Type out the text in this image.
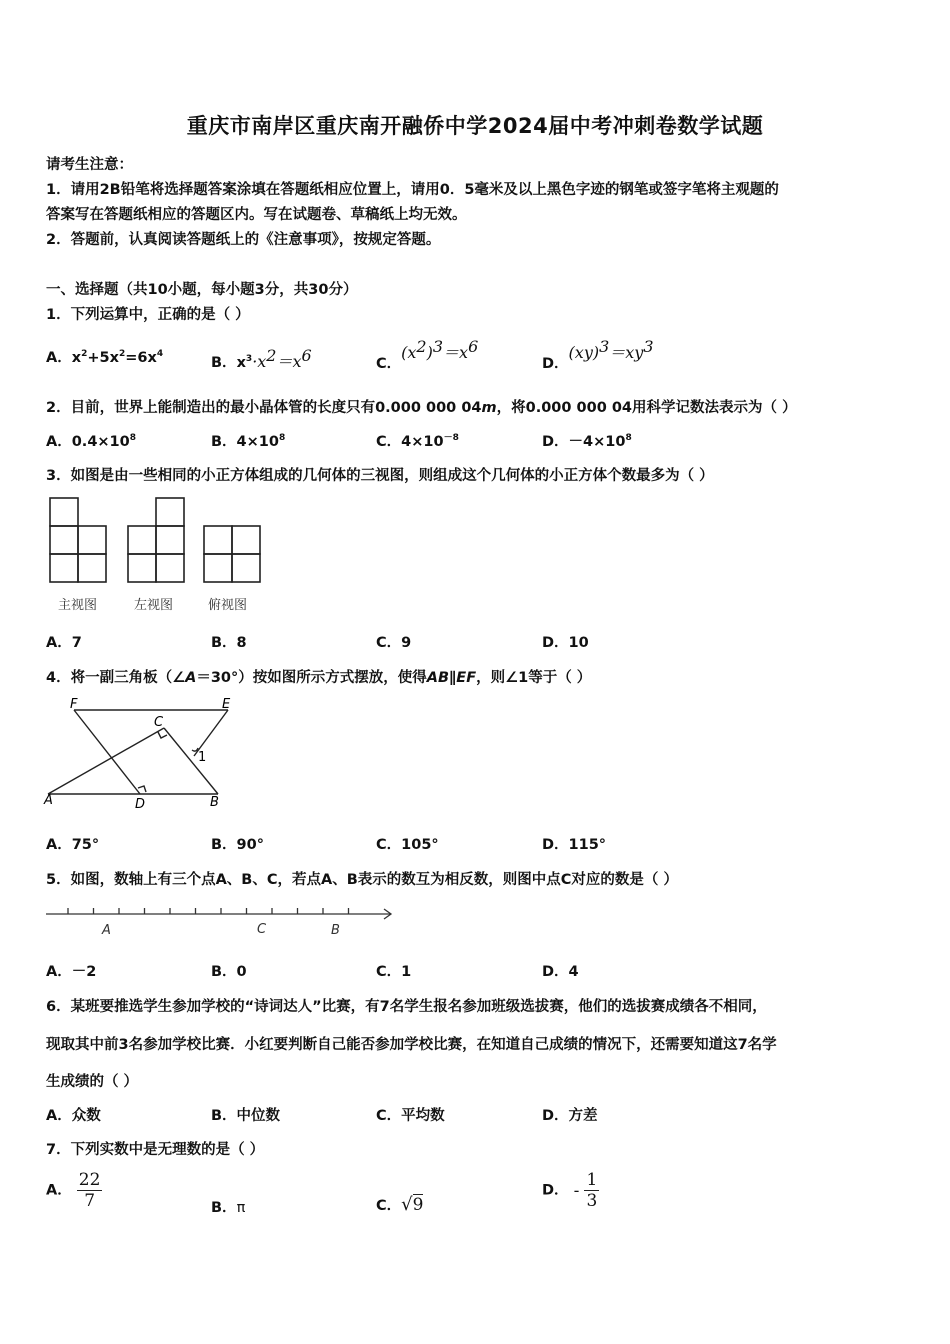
重庆市南岸区重庆南开融侨中学2024届中考冲刺卷数学试题
请考生注意：
1．请用2B铅笔将选择题答案涂填在答题纸相应位置上，请用0．5毫米及以上黑色字迹的钢笔或签字笔将主观题的
答案写在答题纸相应的答题区内。写在试题卷、草稿纸上均无效。
2．答题前，认真阅读答题纸上的《注意事项》，按规定答题。
一、选择题（共10小题，每小题3分，共30分）
1．下列运算中，正确的是（ ）
A．$x^2+5x^2=6x^4$
B．$x^3\cdot x^2=x^6$	C．$(x^2)^3=x^6$
D．$(xy)^3=xy^3$
2．目前，世界上能制造出的最小晶体管的长度只有0.000 000 04m，将0.000 000 04用科学记数法表示为（ ）
A．$0.4\times 10^8$	B．$4\times 10^8$	C．$4\times 10^{-8}$	D．$-4\times 10^8$
3．如图是由一些相同的小正方体组成的几何体的三视图，则组成这个几何体的小正方体个数最多为（ ）
主视图	左视图	俯视图
A．7	B．8	C．9	D．10
4．将一副三角板（∠A＝30°）按如图所示方式摆放，使得AB∥EF，则∠1等于（ ）
F	E
C
A	D	B
1
A．75°	B．90°	C．105°	D．115°
5．如图，数轴上有三个点A、B、C，若点A、B表示的数互为相反数，则图中点C对应的数是（ ）
A	C	B
A．－2	B．0	C．1	D．4
6．某班要推选学生参加学校的“诗词达人”比赛，有7名学生报名参加班级选拔赛，他们的选拔赛成绩各不相同，
现取其中前3名参加学校比赛．小红要判断自己能否参加学校比赛，在知道自己成绩的情况下，还需要知道这7名学
生成绩的（ ）
A．众数	B．中位数	C．平均数	D．方差
7．下列实数中是无理数的是（ ）
A． $\frac{22}{7}$	B．π	C．√9
D． - $\frac{1}{3}$
